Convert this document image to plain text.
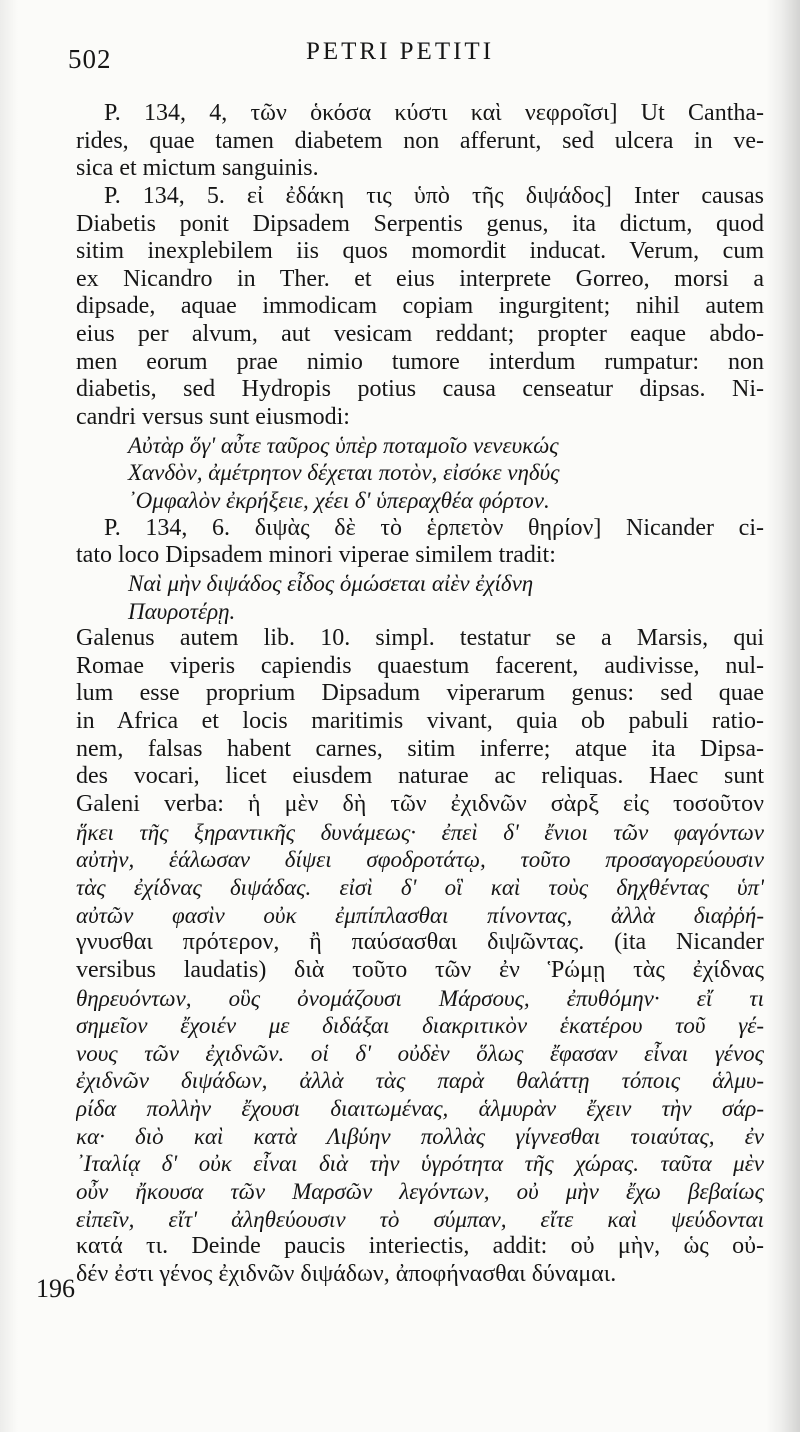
502	PETRI PETITI
196
P. 134, 4, τῶν ὁκόσα κύστι καὶ νεφροῖσι] Ut Cantha-
rides, quae tamen diabetem non afferunt, sed ulcera in ve-
sica et mictum sanguinis.
P. 134, 5. εἰ ἐδάκη τις ὑπὸ τῆς διψάδος] Inter causas
Diabetis ponit Dipsadem Serpentis genus, ita dictum, quod
sitim inexplebilem iis quos momordit inducat. Verum, cum
ex Nicandro in Ther. et eius interprete Gorreo, morsi a
dipsade, aquae immodicam copiam ingurgitent; nihil autem
eius per alvum, aut vesicam reddant; propter eaque abdo-
men eorum prae nimio tumore interdum rumpatur: non
diabetis, sed Hydropis potius causa censeatur dipsas. Ni-
candri versus sunt eiusmodi:
Αὐτὰρ ὅγ' αὖτε ταῦρος ὑπὲρ ποταμοῖο νενευκώς
Χανδὸν, ἀμέτρητον δέχεται ποτὸν, εἰσόκε νηδύς
᾿Ομφαλὸν ἐκρήξειε, χέει δ' ὑπεραχθέα φόρτον.
P. 134, 6. διψὰς δὲ τὸ ἑρπετὸν θηρίον] Nicander ci-
tato loco Dipsadem minori viperae similem tradit:
Ναὶ μὴν διψάδος εἶδος ὁμώσεται αἰὲν ἐχίδνη
Παυροτέρῃ.
Galenus autem lib. 10. simpl. testatur se a Marsis, qui
Romae viperis capiendis quaestum facerent, audivisse, nul-
lum esse proprium Dipsadum viperarum genus: sed quae
in Africa et locis maritimis vivant, quia ob pabuli ratio-
nem, falsas habent carnes, sitim inferre; atque ita Dipsa-
des vocari, licet eiusdem naturae ac reliquas. Haec sunt
Galeni verba: ἡ μὲν δὴ τῶν ἐχιδνῶν σὰρξ εἰς τοσοῦτον
ἥκει τῆς ξηραντικῆς δυνάμεως· ἐπεὶ δ' ἔνιοι τῶν φαγόντων
αὐτὴν, ἑάλωσαν δίψει σφοδροτάτῳ, τοῦτο προσαγορεύουσιν
τὰς ἐχίδνας διψάδας. εἰσὶ δ' οἳ καὶ τοὺς δηχθέντας ὑπ'
αὐτῶν φασὶν οὐκ ἐμπίπλασθαι πίνοντας, ἀλλὰ διαῤῥή-
γνυσθαι πρότερον, ἢ παύσασθαι διψῶντας. (ita Nicander
versibus laudatis) διὰ τοῦτο τῶν ἐν Ῥώμῃ τὰς ἐχίδνας
θηρευόντων, οὓς ὀνομάζουσι Μάρσους, ἐπυθόμην· εἴ τι
σημεῖον ἔχοιέν με διδάξαι διακριτικὸν ἑκατέρου τοῦ γέ-
νους τῶν ἐχιδνῶν. οἱ δ' οὐδὲν ὅλως ἔφασαν εἶναι γένος
ἐχιδνῶν διψάδων, ἀλλὰ τὰς παρὰ θαλάττῃ τόποις ἁλμυ-
ρίδα πολλὴν ἔχουσι διαιτωμένας, ἁλμυρὰν ἔχειν τὴν σάρ-
κα· διὸ καὶ κατὰ Λιβύην πολλὰς γίγνεσθαι τοιαύτας, ἐν
᾿Ιταλίᾳ δ' οὐκ εἶναι διὰ τὴν ὑγρότητα τῆς χώρας. ταῦτα μὲν
οὖν ἤκουσα τῶν Μαρσῶν λεγόντων, οὐ μὴν ἔχω βεβαίως
εἰπεῖν, εἴτ' ἀληθεύουσιν τὸ σύμπαν, εἴτε καὶ ψεύδονται
κατά τι. Deinde paucis interiectis, addit: οὐ μὴν, ὡς οὐ-
δέν ἐστι γένος ἐχιδνῶν διψάδων, ἀποφήνασθαι δύναμαι.
